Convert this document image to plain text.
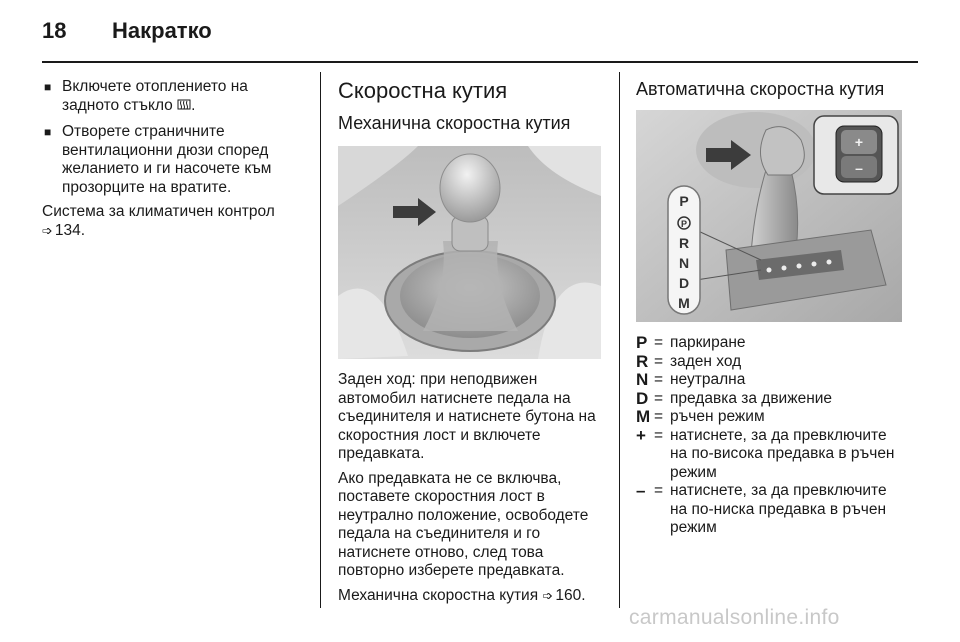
18 Накратко
■ Включете отоплението на задното стъкло .
■ Отворете страничните вентилационни дюзи според желанието и ги насочете към прозорците на вратите.
Система за климатичен контрол ➩ 134.
Скоростна кутия
Механична скоростна кутия
Заден ход: при неподвижен автомобил натиснете педала на съединителя и натиснете бутона на скоростния лост и включете предавката.
Ако предавката не се включва, поставете скоростния лост в неутрално положение, освободете педала на съединителя и го натиснете отново, след това повторно изберете предавката.
Механична скоростна кутия ➩ 160.
Автоматична скоростна кутия
P
P
R
N
D
M
+
–
P = паркиране
R = заден ход
N = неутрална
D = предавка за движение
M = ръчен режим
+ = натиснете, за да превключите на по-висока предавка в ръчен режим
– = натиснете, за да превключите на по-ниска предавка в ръчен режим
carmanualsonline.info
